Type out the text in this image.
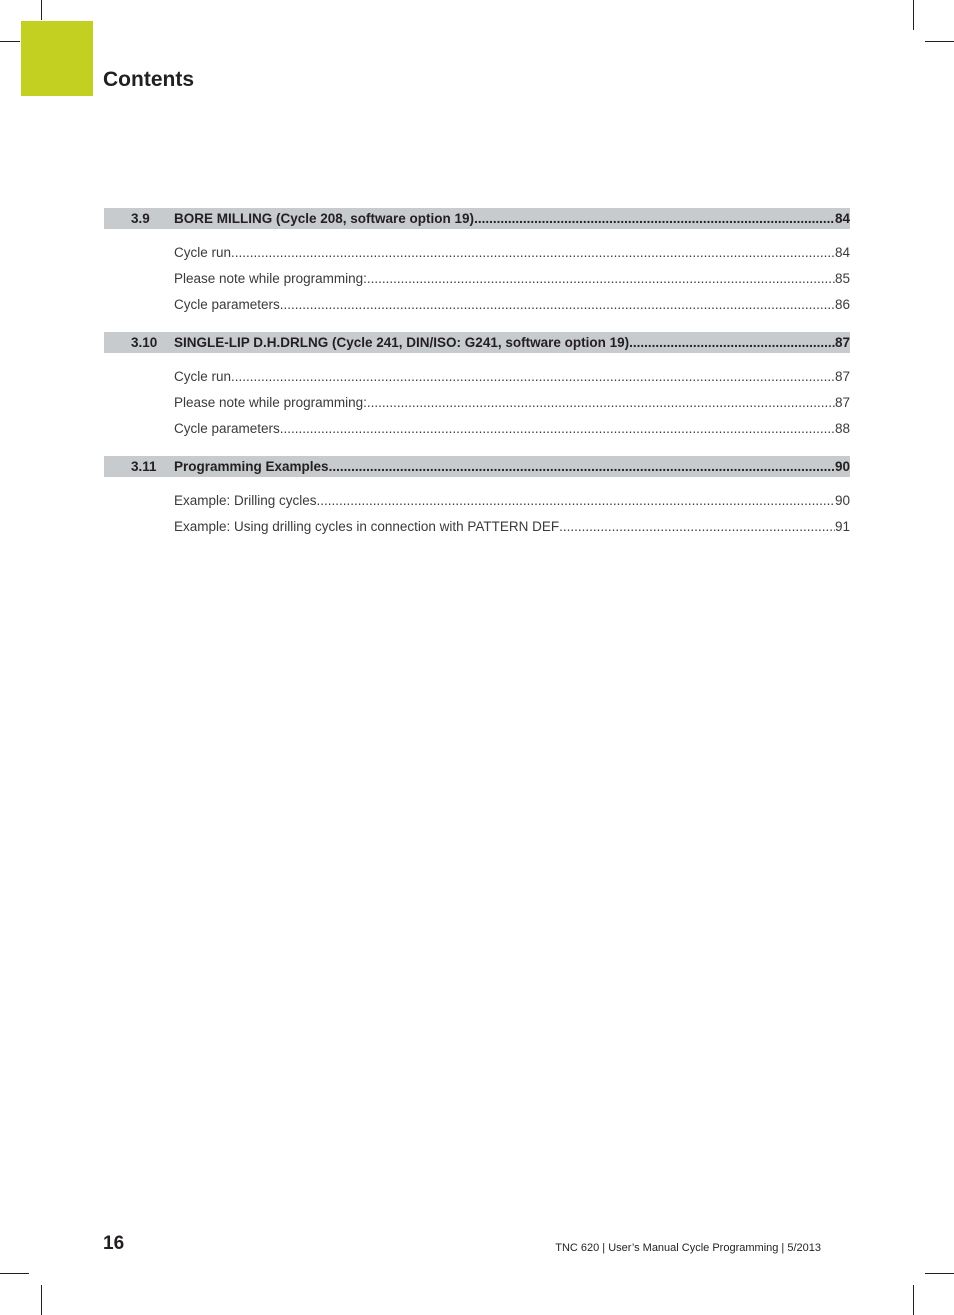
Contents
3.9 BORE MILLING (Cycle 208, software option 19) .....	84
Cycle run .....	84
Please note while programming: .....	85
Cycle parameters .....	86
3.10 SINGLE-LIP D.H.DRLNG (Cycle 241, DIN/ISO: G241, software option 19) .....	87
Cycle run .....	87
Please note while programming: .....	87
Cycle parameters .....	88
3.11 Programming Examples .....	90
Example: Drilling cycles .....	90
Example: Using drilling cycles in connection with PATTERN DEF .....	91
16	TNC 620 | User’s Manual Cycle Programming | 5/2013
